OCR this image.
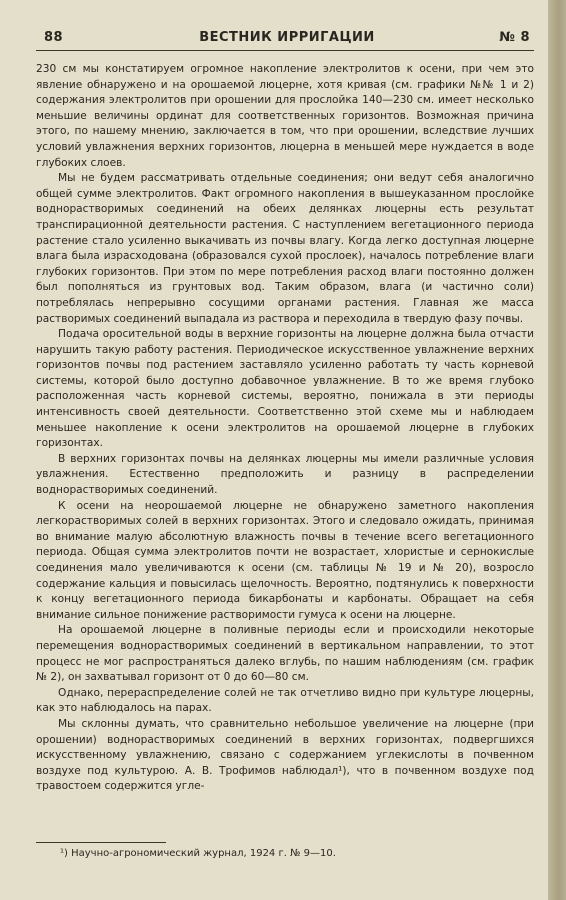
88	ВЕСТНИК ИРРИГАЦИИ	№ 8

230 см мы констатируем огромное накопление электролитов к осени, при чем это явление обнаружено и на орошаемой люцерне, хотя кривая (см. графики №№ 1 и 2) содержания электролитов при орошении для прослойка 140—230 см. имеет несколько меньшие величины ординат для соответственных горизонтов. Возможная причина этого, по нашему мнению, заключается в том, что при орошении, вследствие лучших условий увлажнения верхних горизонтов, люцерна в меньшей мере нуждается в воде глубоких слоев.

Мы не будем рассматривать отдельные соединения; они ведут себя аналогично общей сумме электролитов. Факт огромного накопления в вышеуказанном прослойке воднорастворимых соединений на обеих делянках люцерны есть результат транспирационной деятельности растения. С наступлением вегетационного периода растение стало усиленно выкачивать из почвы влагу. Когда легко доступная люцерне влага была израсходована (образовался сухой прослоек), началось потребление влаги глубоких горизонтов. При этом по мере потребления расход влаги постоянно должен был пополняться из грунтовых вод. Таким образом, влага (и частично соли) потреблялась непрерывно сосущими органами растения. Главная же масса растворимых соединений выпадала из раствора и переходила в твердую фазу почвы.

Подача оросительной воды в верхние горизонты на люцерне должна была отчасти нарушить такую работу растения. Периодическое искусственное увлажнение верхних горизонтов почвы под растением заставляло усиленно работать ту часть корневой системы, которой было доступно добавочное увлажнение. В то же время глубоко расположенная часть корневой системы, вероятно, понижала в эти периоды интенсивность своей деятельности. Соответственно этой схеме мы и наблюдаем меньшее накопление к осени электролитов на орошаемой люцерне в глубоких горизонтах.

В верхних горизонтах почвы на делянках люцерны мы имели различные условия увлажнения. Естественно предположить и разницу в распределении воднорастворимых соединений.

К осени на неорошаемой люцерне не обнаружено заметного накопления легкорастворимых солей в верхних горизонтах. Этого и следовало ожидать, принимая во внимание малую абсолютную влажность почвы в течение всего вегетационного периода. Общая сумма электролитов почти не возрастает, хлористые и сернокислые соединения мало увеличиваются к осени (см. таблицы № 19 и № 20), возросло содержание кальция и повысилась щелочность. Вероятно, подтянулись к поверхности к концу вегетационного периода бикарбонаты и карбонаты. Обращает на себя внимание сильное понижение растворимости гумуса к осени на люцерне.

На орошаемой люцерне в поливные периоды если и происходили некоторые перемещения воднорастворимых соединений в вертикальном направлении, то этот процесс не мог распространяться далеко вглубь, по нашим наблюдениям (см. график № 2), он захватывал горизонт от 0 до 60—80 см.

Однако, перераспределение солей не так отчетливо видно при культуре люцерны, как это наблюдалось на парах.

Мы склонны думать, что сравнительно небольшое увеличение на люцерне (при орошении) воднорастворимых соединений в верхних горизонтах, подвергшихся искусственному увлажнению, связано с содержанием углекислоты в почвенном воздухе под культурою. А. В. Трофимов наблюдал¹), что в почвенном воздухе под травостоем содержится угле-

¹) Научно-агрономический журнал, 1924 г. № 9—10.
